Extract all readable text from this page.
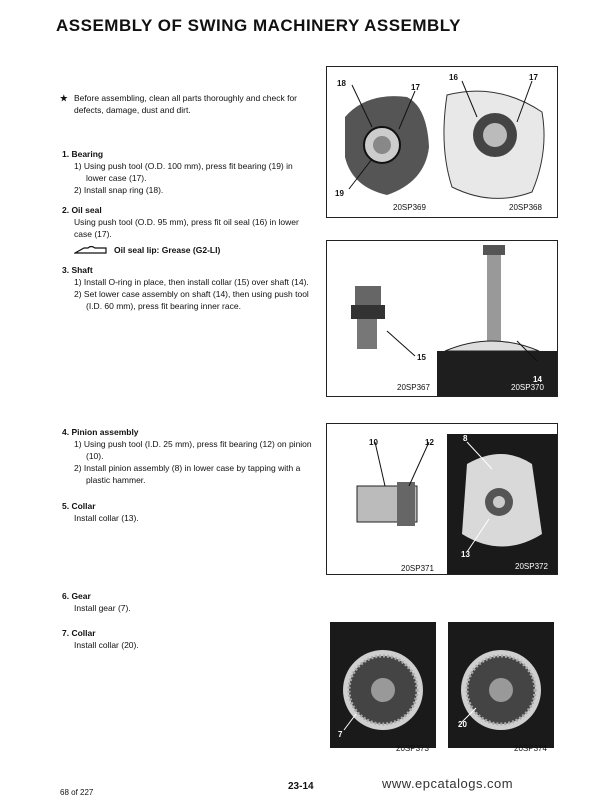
ASSEMBLY OF SWING MACHINERY ASSEMBLY
★ Before assembling, clean all parts thoroughly and check for defects, damage, dust and dirt.
1. Bearing
1) Using push tool (O.D. 100 mm), press fit bearing (19) in lower case (17).
2) Install snap ring (18).
2. Oil seal
Using push tool (O.D. 95 mm), press fit oil seal (16) in lower case (17).
Oil seal lip: Grease (G2-LI)
3. Shaft
1) Install O-ring in place, then install collar (15) over shaft (14).
2) Set lower case assembly on shaft (14), then using push tool (I.D. 60 mm), press fit bearing inner race.
4. Pinion assembly
1) Using push tool (I.D. 25 mm), press fit bearing (12) on pinion (10).
2) Install pinion assembly (8) in lower case by tapping with a plastic hammer.
5. Collar
Install collar (13).
6. Gear
Install gear (7).
7. Collar
Install collar (20).
18	17
19
16	17
20SP369	20SP368
15
14
20SP367	20SP370
10	12	8
13
20SP371	20SP372
7
20
20SP373	20SP374
68 of 227
23-14	www.epcatalogs.com
